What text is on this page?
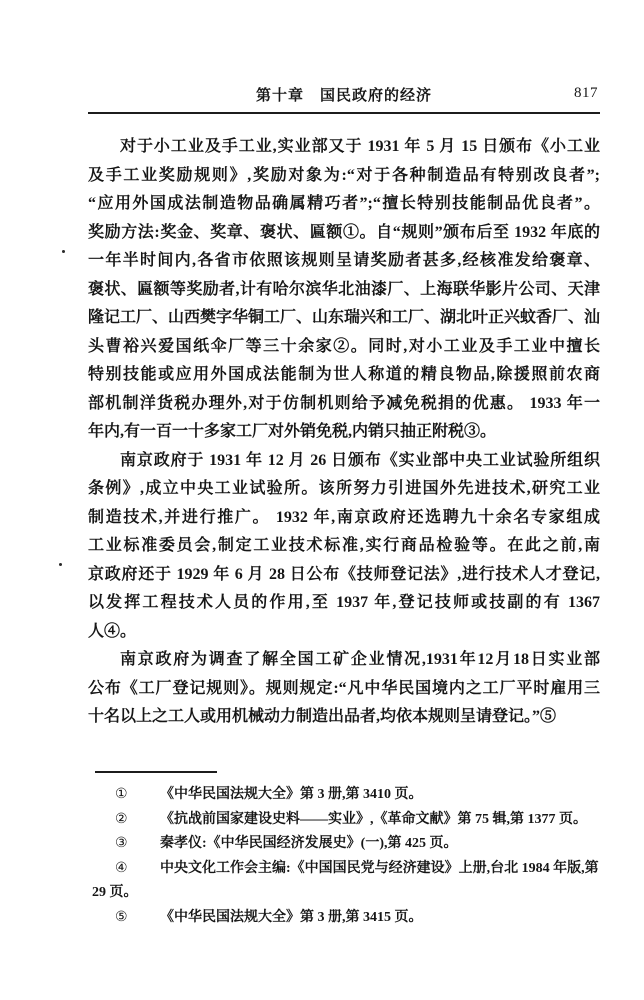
第十章　国民政府的经济	817
对于小工业及手工业,实业部又于 1931 年 5 月 15 日颁布《小工业
及手工业奖励规则》,奖励对象为:“对于各种制造品有特别改良者”;
“应用外国成法制造物品确属精巧者”;“擅长特别技能制品优良者”。
奖励方法:奖金、奖章、褒状、匾额①。自“规则”颁布后至 1932 年底的
一年半时间内,各省市依照该规则呈请奖励者甚多,经核准发给褒章、
褒状、匾额等奖励者,计有哈尔滨华北油漆厂、上海联华影片公司、天津
隆记工厂、山西樊字华铜工厂、山东瑞兴和工厂、湖北叶正兴蚊香厂、汕
头曹裕兴爱国纸伞厂等三十余家②。同时,对小工业及手工业中擅长
特别技能或应用外国成法能制为世人称道的精良物品,除援照前农商
部机制洋货税办理外,对于仿制机则给予减免税捐的优惠。 1933 年一
年内,有一百一十多家工厂对外销免税,内销只抽正附税③。
南京政府于 1931 年 12 月 26 日颁布《实业部中央工业试验所组织
条例》,成立中央工业试验所。该所努力引进国外先进技术,研究工业
制造技术,并进行推广。 1932 年,南京政府还选聘九十余名专家组成
工业标准委员会,制定工业技术标准,实行商品检验等。在此之前,南
京政府还于 1929 年 6 月 28 日公布《技师登记法》,进行技术人才登记,
以发挥工程技术人员的作用,至 1937 年,登记技师或技副的有 1367
人④。
南京政府为调查了解全国工矿企业情况,1931年12月18日实业部
公布《工厂登记规则》。规则规定:“凡中华民国境内之工厂平时雇用三
十名以上之工人或用机械动力制造出品者,均依本规则呈请登记。”⑤
① 《中华民国法规大全》第 3 册,第 3410 页。
② 《抗战前国家建设史料——实业》,《革命文献》第 75 辑,第 1377 页。
③ 秦孝仪:《中华民国经济发展史》(一),第 425 页。
④ 中央文化工作会主编:《中国国民党与经济建设》上册,台北 1984 年版,第
29 页。
⑤ 《中华民国法规大全》第 3 册,第 3415 页。
